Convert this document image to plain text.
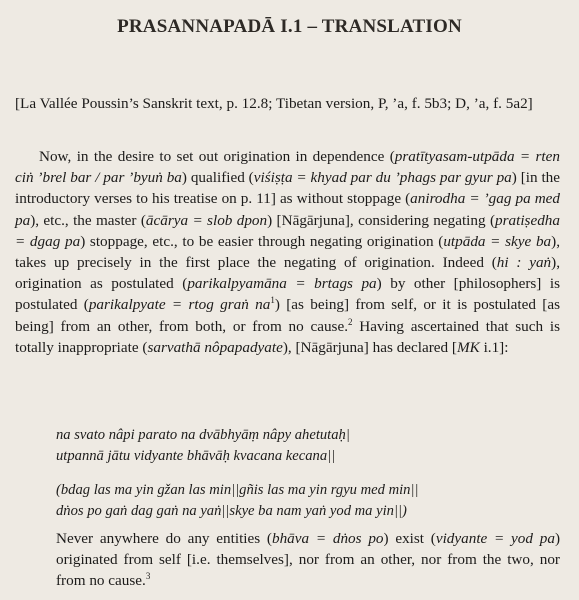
PRASANNAPADĀ I.1 – TRANSLATION
[La Vallée Poussin’s Sanskrit text, p. 12.8; Tibetan version, P, ’a, f. 5b3; D, ’a, f. 5a2]
Now, in the desire to set out origination in dependence (pratītyasam-utpāda = rten ciṅ ’brel bar / par ’byuṅ ba) qualified (viśiṣṭa = khyad par du ’phags par gyur pa) [in the introductory verses to his treatise on p. 11] as without stoppage (anirodha = ’gag pa med pa), etc., the master (ācārya = slob dpon) [Nāgārjuna], considering negating (pratiṣedha = dgag pa) stoppage, etc., to be easier through negating origination (utpāda = skye ba), takes up precisely in the first place the negating of origination. Indeed (hi : yaṅ), origination as postulated (parikalpyamāna = brtags pa) by other [philosophers] is postulated (parikalpyate = rtog graṅ $na^1$) [as being] from self, or it is postulated [as being] from an other, from both, or from no cause.$^2$ Having ascertained that such is totally inappropriate (sarvathā nôpapadyate), [Nāgārjuna] has declared [MK i.1]:
na svato nâpi parato na dvābhyāṃ nâpy ahetutaḥ|
utpannā jātu vidyante bhāvāḥ kvacana kecana||
(bdag las ma yin gžan las min||gñis las ma yin rgyu med min||
dṅos po gaṅ dag gaṅ na yaṅ||skye ba nam yaṅ yod ma yin||)
Never anywhere do any entities (bhāva = dṅos po) exist (vidyante = yod pa) originated from self [i.e. themselves], nor from an other, nor from the two, nor from no cause.$^3$
